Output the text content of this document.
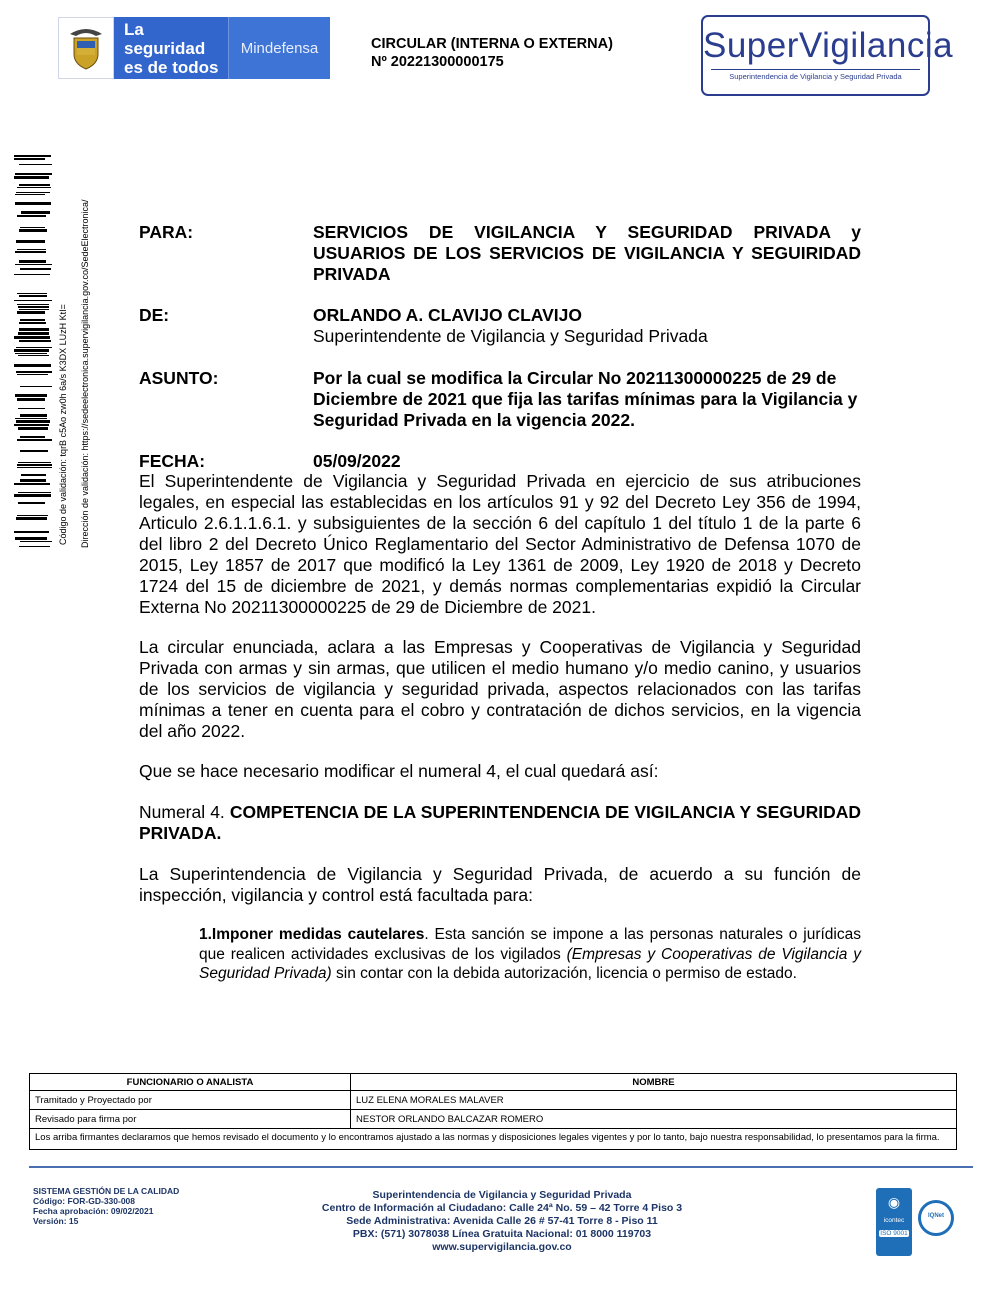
La seguridad
es de todos
Mindefensa	CIRCULAR (INTERNA O EXTERNA)
Nº 20221300000175	SuperVigilancia
Superintendencia de Vigilancia y Seguridad Privada
Código de validación: tqrB c5Ao zw0h 6a/s K3DX LUzH KtI= Dirección de validación: https://sedeelectronica.supervigilancia.gov.co/SedeElectronica/	PARA:	SERVICIOS DE VIGILANCIA Y SEGURIDAD PRIVADA y USUARIOS DE LOS SERVICIOS DE VIGILANCIA Y SEGUIRIDAD PRIVADA
DE:	ORLANDO A. CLAVIJO CLAVIJO
Superintendente de Vigilancia y Seguridad Privada
ASUNTO:	Por la cual se modifica la Circular No 20211300000225 de 29 de Diciembre de 2021 que fija las tarifas mínimas para la Vigilancia y Seguridad Privada en la vigencia 2022.
FECHA:	05/09/2022
El Superintendente de Vigilancia y Seguridad Privada en ejercicio de sus atribuciones legales, en especial las establecidas en los artículos 91 y 92 del Decreto Ley 356 de 1994, Articulo 2.6.1.1.6.1. y subsiguientes de la sección 6 del capítulo 1 del título 1 de la parte 6 del libro 2 del Decreto Único Reglamentario del Sector Administrativo de Defensa 1070 de 2015, Ley 1857 de 2017 que modificó la Ley 1361 de 2009, Ley 1920 de 2018 y Decreto 1724 del 15 de diciembre de 2021, y demás normas complementarias expidió la Circular Externa No 20211300000225 de 29 de Diciembre de 2021.
La circular enunciada, aclara a las Empresas y Cooperativas de Vigilancia y Seguridad Privada con armas y sin armas, que utilicen el medio humano y/o medio canino, y usuarios de los servicios de vigilancia y seguridad privada, aspectos relacionados con las tarifas mínimas a tener en cuenta para el cobro y contratación de dichos servicios, en la vigencia del año 2022.
Que se hace necesario modificar el numeral 4, el cual quedará así:
Numeral 4. COMPETENCIA DE LA SUPERINTENDENCIA DE VIGILANCIA Y SEGURIDAD PRIVADA.
La Superintendencia de Vigilancia y Seguridad Privada, de acuerdo a su función de inspección, vigilancia y control está facultada para:
1.Imponer medidas cautelares. Esta sanción se impone a las personas naturales o jurídicas que realicen actividades exclusivas de los vigilados (Empresas y Cooperativas de Vigilancia y Seguridad Privada) sin contar con la debida autorización, licencia o permiso de estado.
FUNCIONARIO O ANALISTA	NOMBRE
Tramitado y Proyectado por	LUZ ELENA MORALES MALAVER
Revisado para firma por	NESTOR ORLANDO BALCAZAR ROMERO
Los arriba firmantes declaramos que hemos revisado el documento y lo encontramos ajustado a las normas y disposiciones legales vigentes y por lo tanto, bajo nuestra responsabilidad, lo presentamos para la firma.	
SISTEMA GESTIÓN DE LA CALIDAD
Código: FOR-GD-330-008
Fecha aprobación: 09/02/2021
Versión: 15
Superintendencia de Vigilancia y Seguridad Privada
Centro de Información al Ciudadano: Calle 24ª No. 59 – 42 Torre 4 Piso 3
Sede Administrativa: Avenida Calle 26 # 57-41 Torre 8 - Piso 11
PBX: (571) 3078038 Línea Gratuita Nacional: 01 8000 119703
www.supervigilancia.gov.co
◉
icontec
ISO 9001
IQNet
